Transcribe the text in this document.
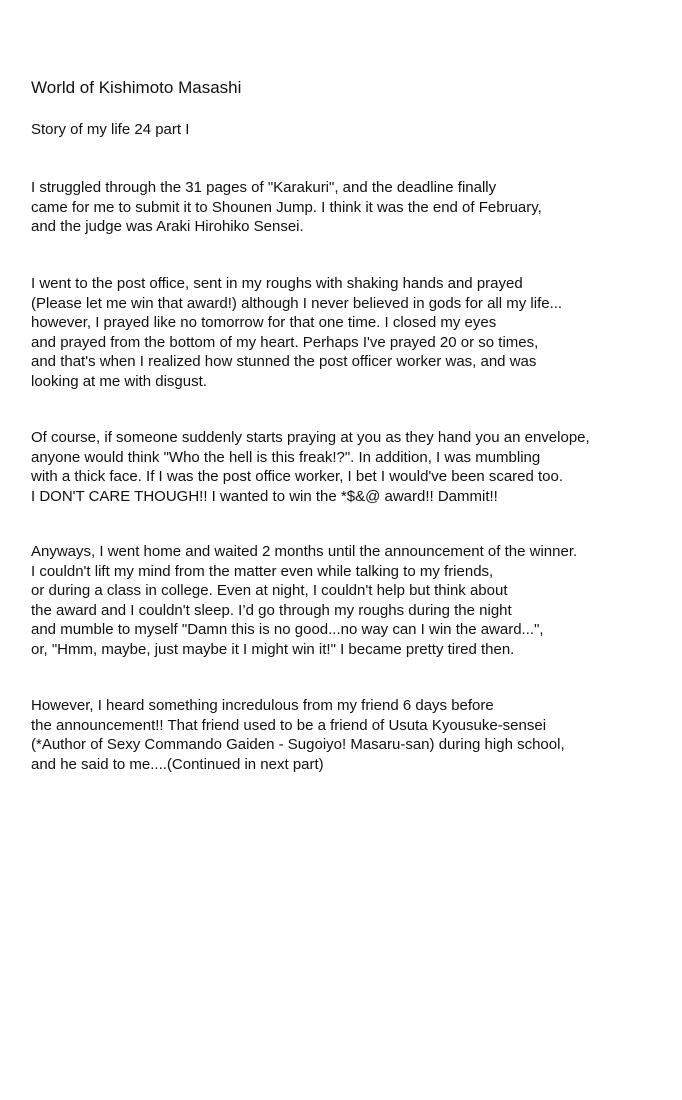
World of Kishimoto Masashi

Story of my life 24 part I

I struggled through the 31 pages of "Karakuri", and the deadline finally
came for me to submit it to Shounen Jump. I think it was the end of February,
and the judge was Araki Hirohiko Sensei.

I went to the post office, sent in my roughs with shaking hands and prayed
(Please let me win that award!) although I never believed in gods for all my life...
however, I prayed like no tomorrow for that one time. I closed my eyes
and prayed from the bottom of my heart. Perhaps I've prayed 20 or so times,
and that's when I realized how stunned the post officer worker was, and was
looking at me with disgust.

Of course, if someone suddenly starts praying at you as they hand you an envelope,
anyone would think "Who the hell is this freak!?". In addition, I was mumbling
with a thick face. If I was the post office worker, I bet I would've been scared too.
I DON'T CARE THOUGH!! I wanted to win the *$&@ award!! Dammit!!

Anyways, I went home and waited 2 months until the announcement of the winner.
I couldn't lift my mind from the matter even while talking to my friends,
or during a class in college. Even at night, I couldn't help but think about
the award and I couldn't sleep. I’d go through my roughs during the night
and mumble to myself "Damn this is no good...no way can I win the award...",
or, "Hmm, maybe, just maybe it I might win it!" I became pretty tired then.

However, I heard something incredulous from my friend 6 days before
the announcement!! That friend used to be a friend of Usuta Kyousuke-sensei
(*Author of Sexy Commando Gaiden - Sugoiyo! Masaru-san) during high school,
and he said to me....(Continued in next part)
